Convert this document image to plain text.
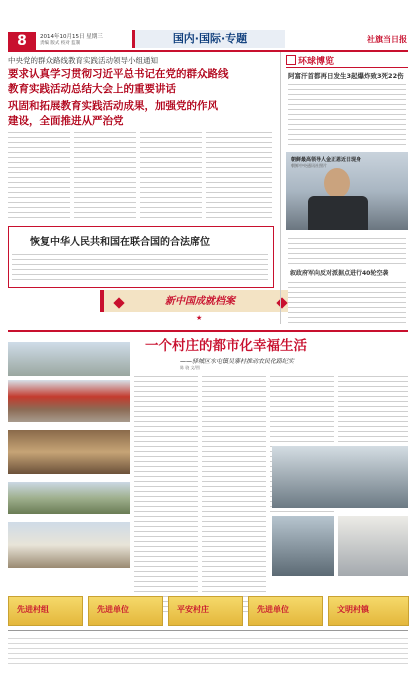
8	2014年10月15日 星期三
责编 版式 校对 监制	国内·国际·专题	社旗当日报
中央党的群众路线教育实践活动领导小组通知
要求认真学习贯彻习近平总书记在党的群众路线
教育实践活动总结大会上的重要讲话
巩固和拓展教育实践活动成果，加强党的作风
建设，全面推进从严治党
恢复中华人民共和国在联合国的合法席位
新中国成就档案
★
环球博览
阿富汗首都再日发生3起爆炸致3死22伤
朝鲜最高领导人金正恩近日现身
朝鲜中央通讯社照片
叙政府军向反对派据点进行40轮空袭
一个村庄的都市化幸福生活
——驿城区水屯镇吴寨村推动农民化路纪实
陈 骁 文/图
先进村组	先进单位	平安村庄	先进单位	文明村镇
